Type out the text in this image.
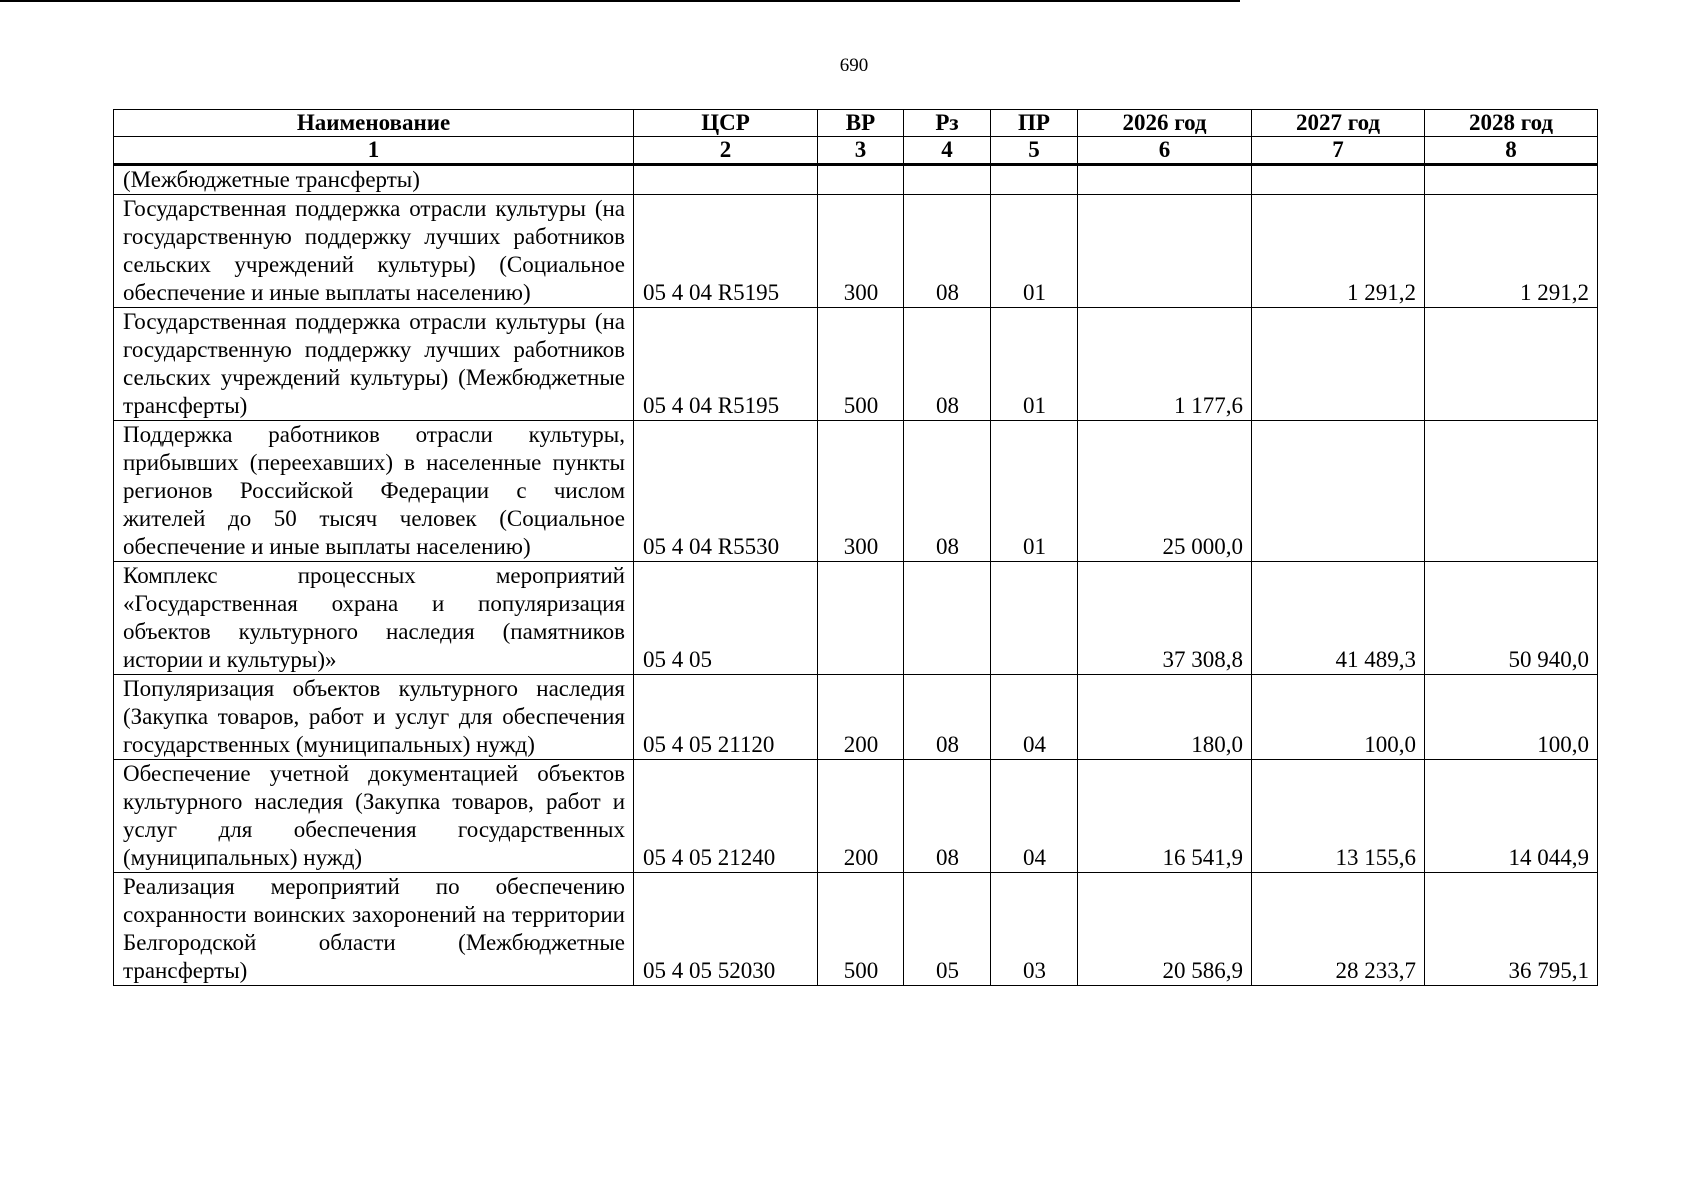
690
Наименование	ЦСР	ВР	Рз	ПР	2026 год	2027 год	2028 год
1	2	3	4	5	6	7	8
(Межбюджетные трансферты)							
Государственная поддержка отрасли культуры (на государственную поддержку лучших работников сельских учреждений культуры) (Социальное обеспечение и иные выплаты населению)	05 4 04 R5195	300	08	01		1 291,2	1 291,2
Государственная поддержка отрасли культуры (на государственную поддержку лучших работников сельских учреждений культуры) (Межбюджетные трансферты)	05 4 04 R5195	500	08	01	1 177,6		
Поддержка работников отрасли культуры, прибывших (переехавших) в населенные пункты регионов Российской Федерации с числом жителей до 50 тысяч человек (Социальное обеспечение и иные выплаты населению)	05 4 04 R5530	300	08	01	25 000,0		
Комплекс процессных мероприятий «Государственная охрана и популяризация объектов культурного наследия (памятников истории и культуры)»	05 4 05				37 308,8	41 489,3	50 940,0
Популяризация объектов культурного наследия (Закупка товаров, работ и услуг для обеспечения государственных (муниципальных) нужд)	05 4 05 21120	200	08	04	180,0	100,0	100,0
Обеспечение учетной документацией объектов культурного наследия (Закупка товаров, работ и услуг для обеспечения государственных (муниципальных) нужд)	05 4 05 21240	200	08	04	16 541,9	13 155,6	14 044,9
Реализация мероприятий по обеспечению сохранности воинских захоронений на территории Белгородской области (Межбюджетные трансферты)	05 4 05 52030	500	05	03	20 586,9	28 233,7	36 795,1
